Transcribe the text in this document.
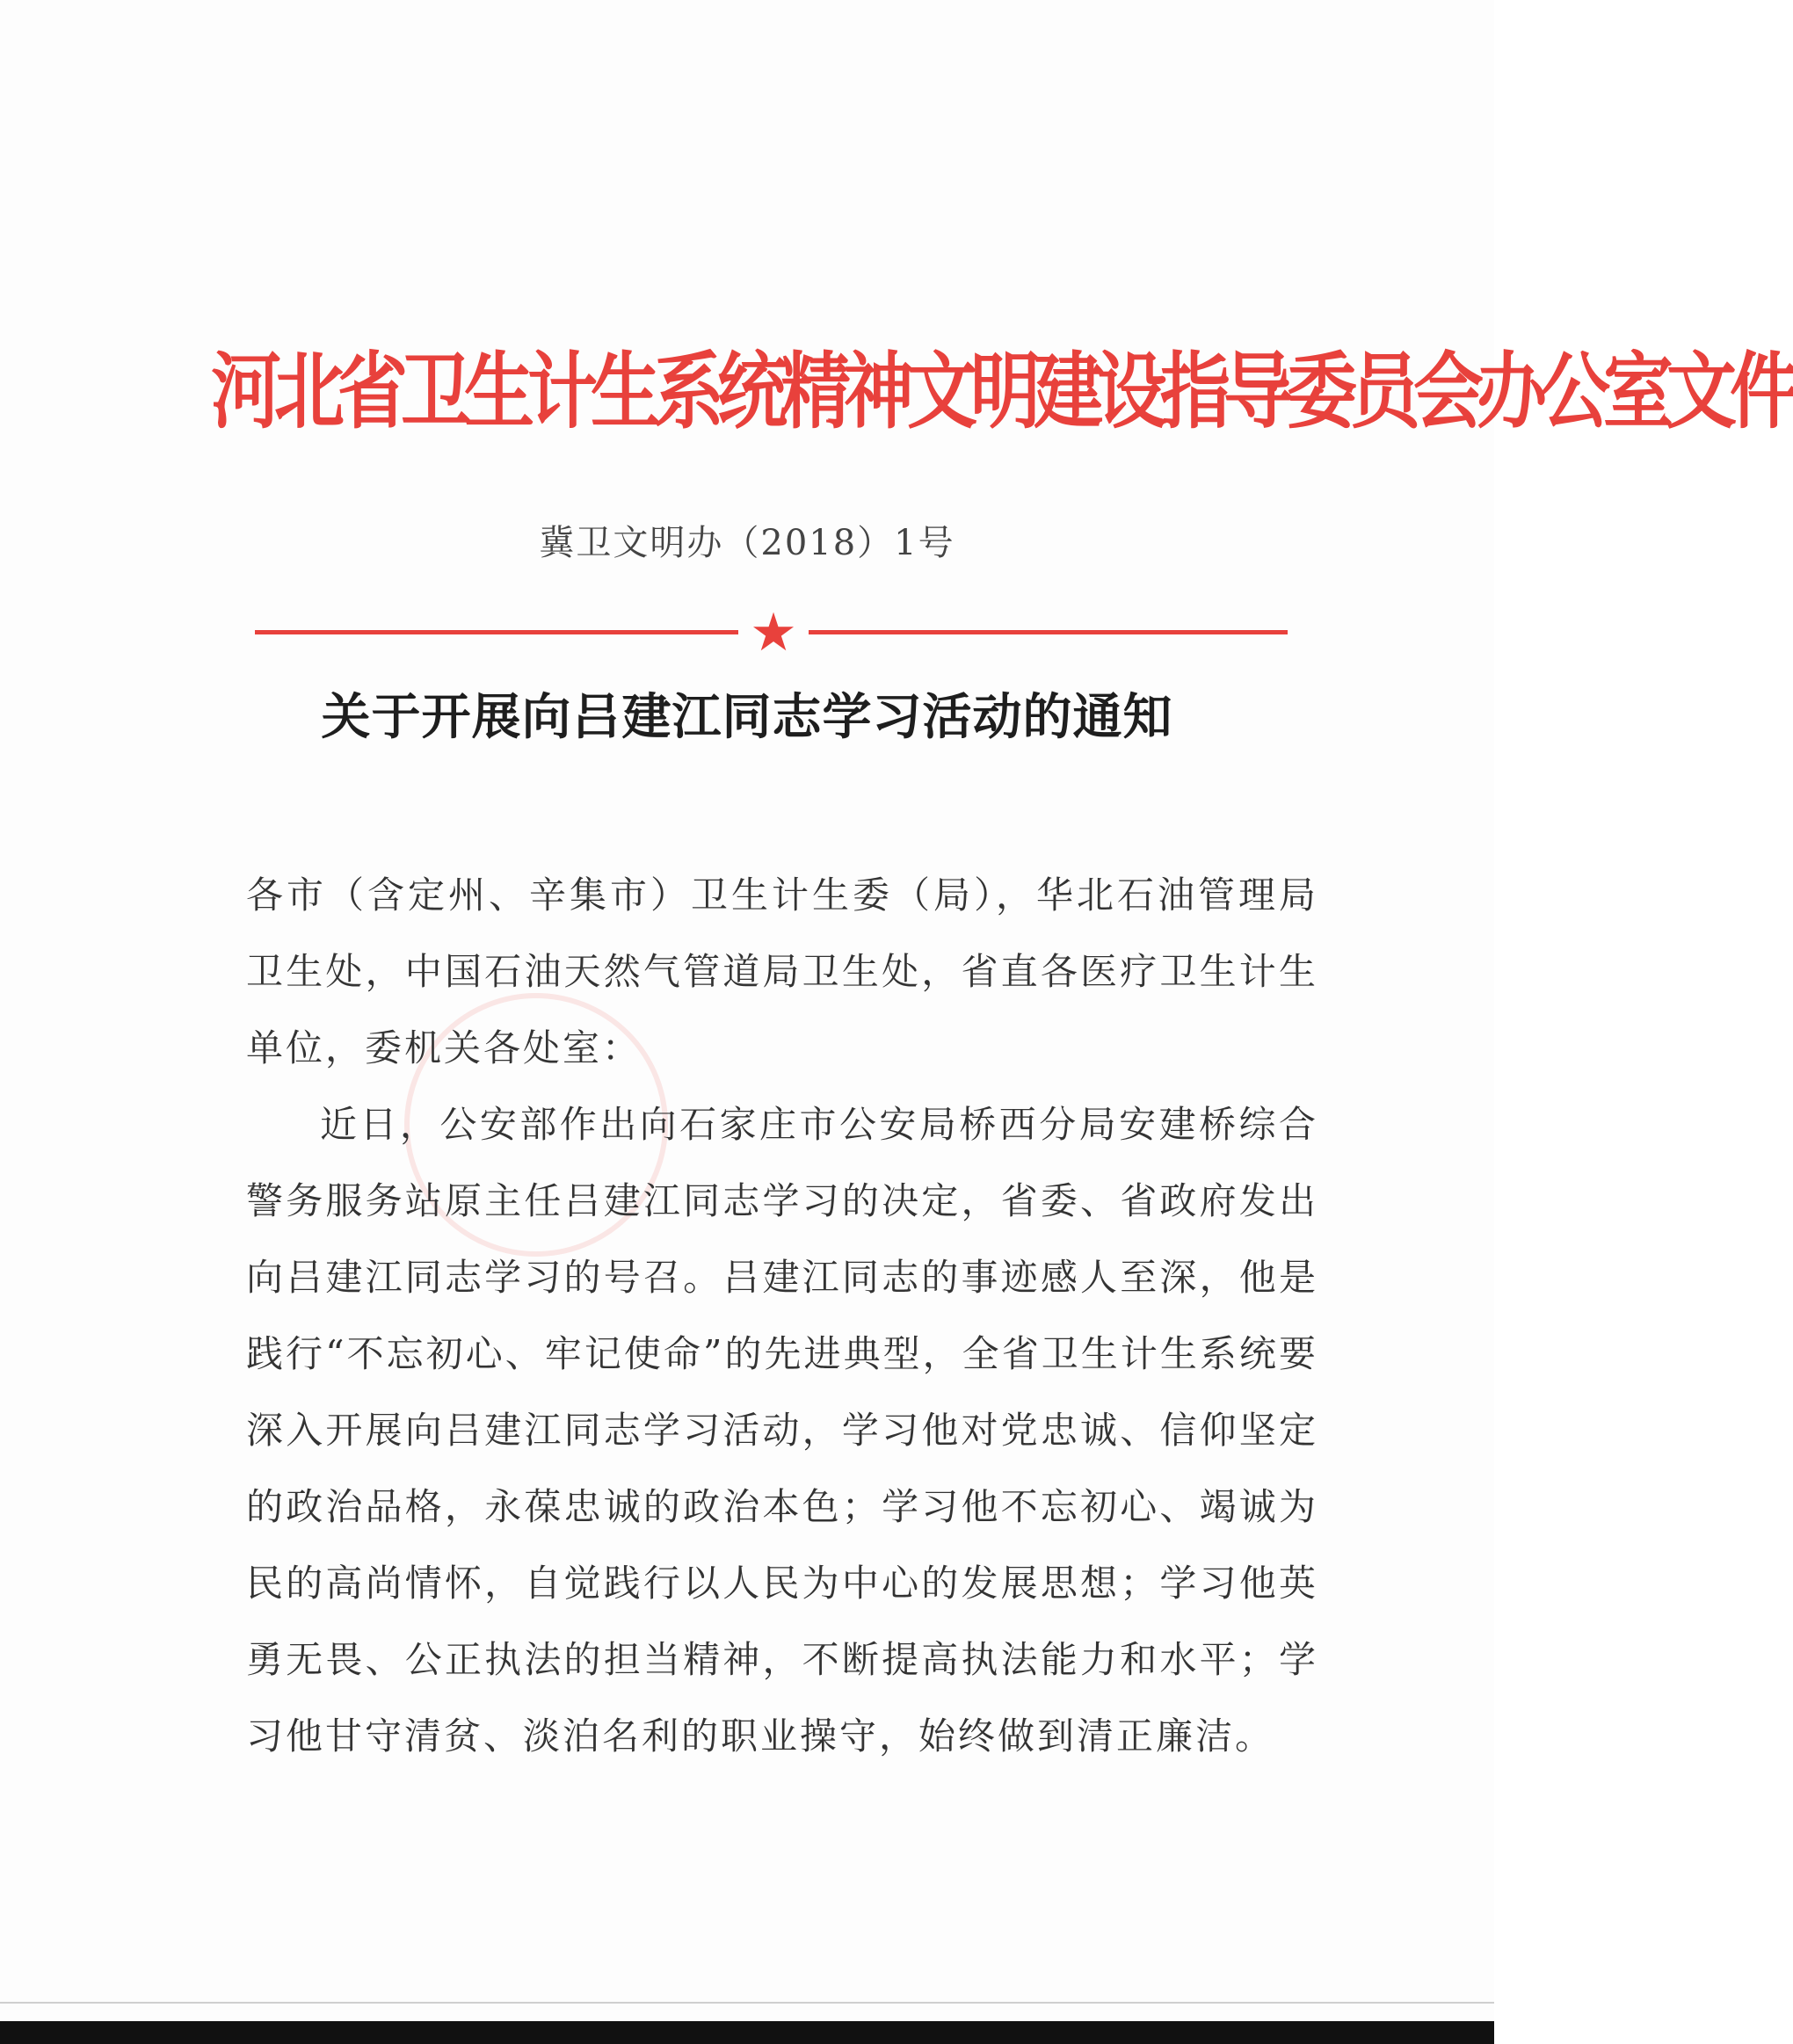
河北省卫生计生系统精神文明建设指导委员会办公室文件
冀卫文明办（2018）1号
★
关于开展向吕建江同志学习活动的通知

各市（含定州、辛集市）卫生计生委（局），华北石油管理局卫生处，中国石油天然气管道局卫生处，省直各医疗卫生计生单位，委机关各处室：

近日，公安部作出向石家庄市公安局桥西分局安建桥综合警务服务站原主任吕建江同志学习的决定，省委、省政府发出向吕建江同志学习的号召。吕建江同志的事迹感人至深，他是践行“不忘初心、牢记使命”的先进典型，全省卫生计生系统要深入开展向吕建江同志学习活动，学习他对党忠诚、信仰坚定的政治品格，永葆忠诚的政治本色；学习他不忘初心、竭诚为民的高尚情怀，自觉践行以人民为中心的发展思想；学习他英勇无畏、公正执法的担当精神，不断提高执法能力和水平；学习他甘守清贫、淡泊名利的职业操守，始终做到清正廉洁。
